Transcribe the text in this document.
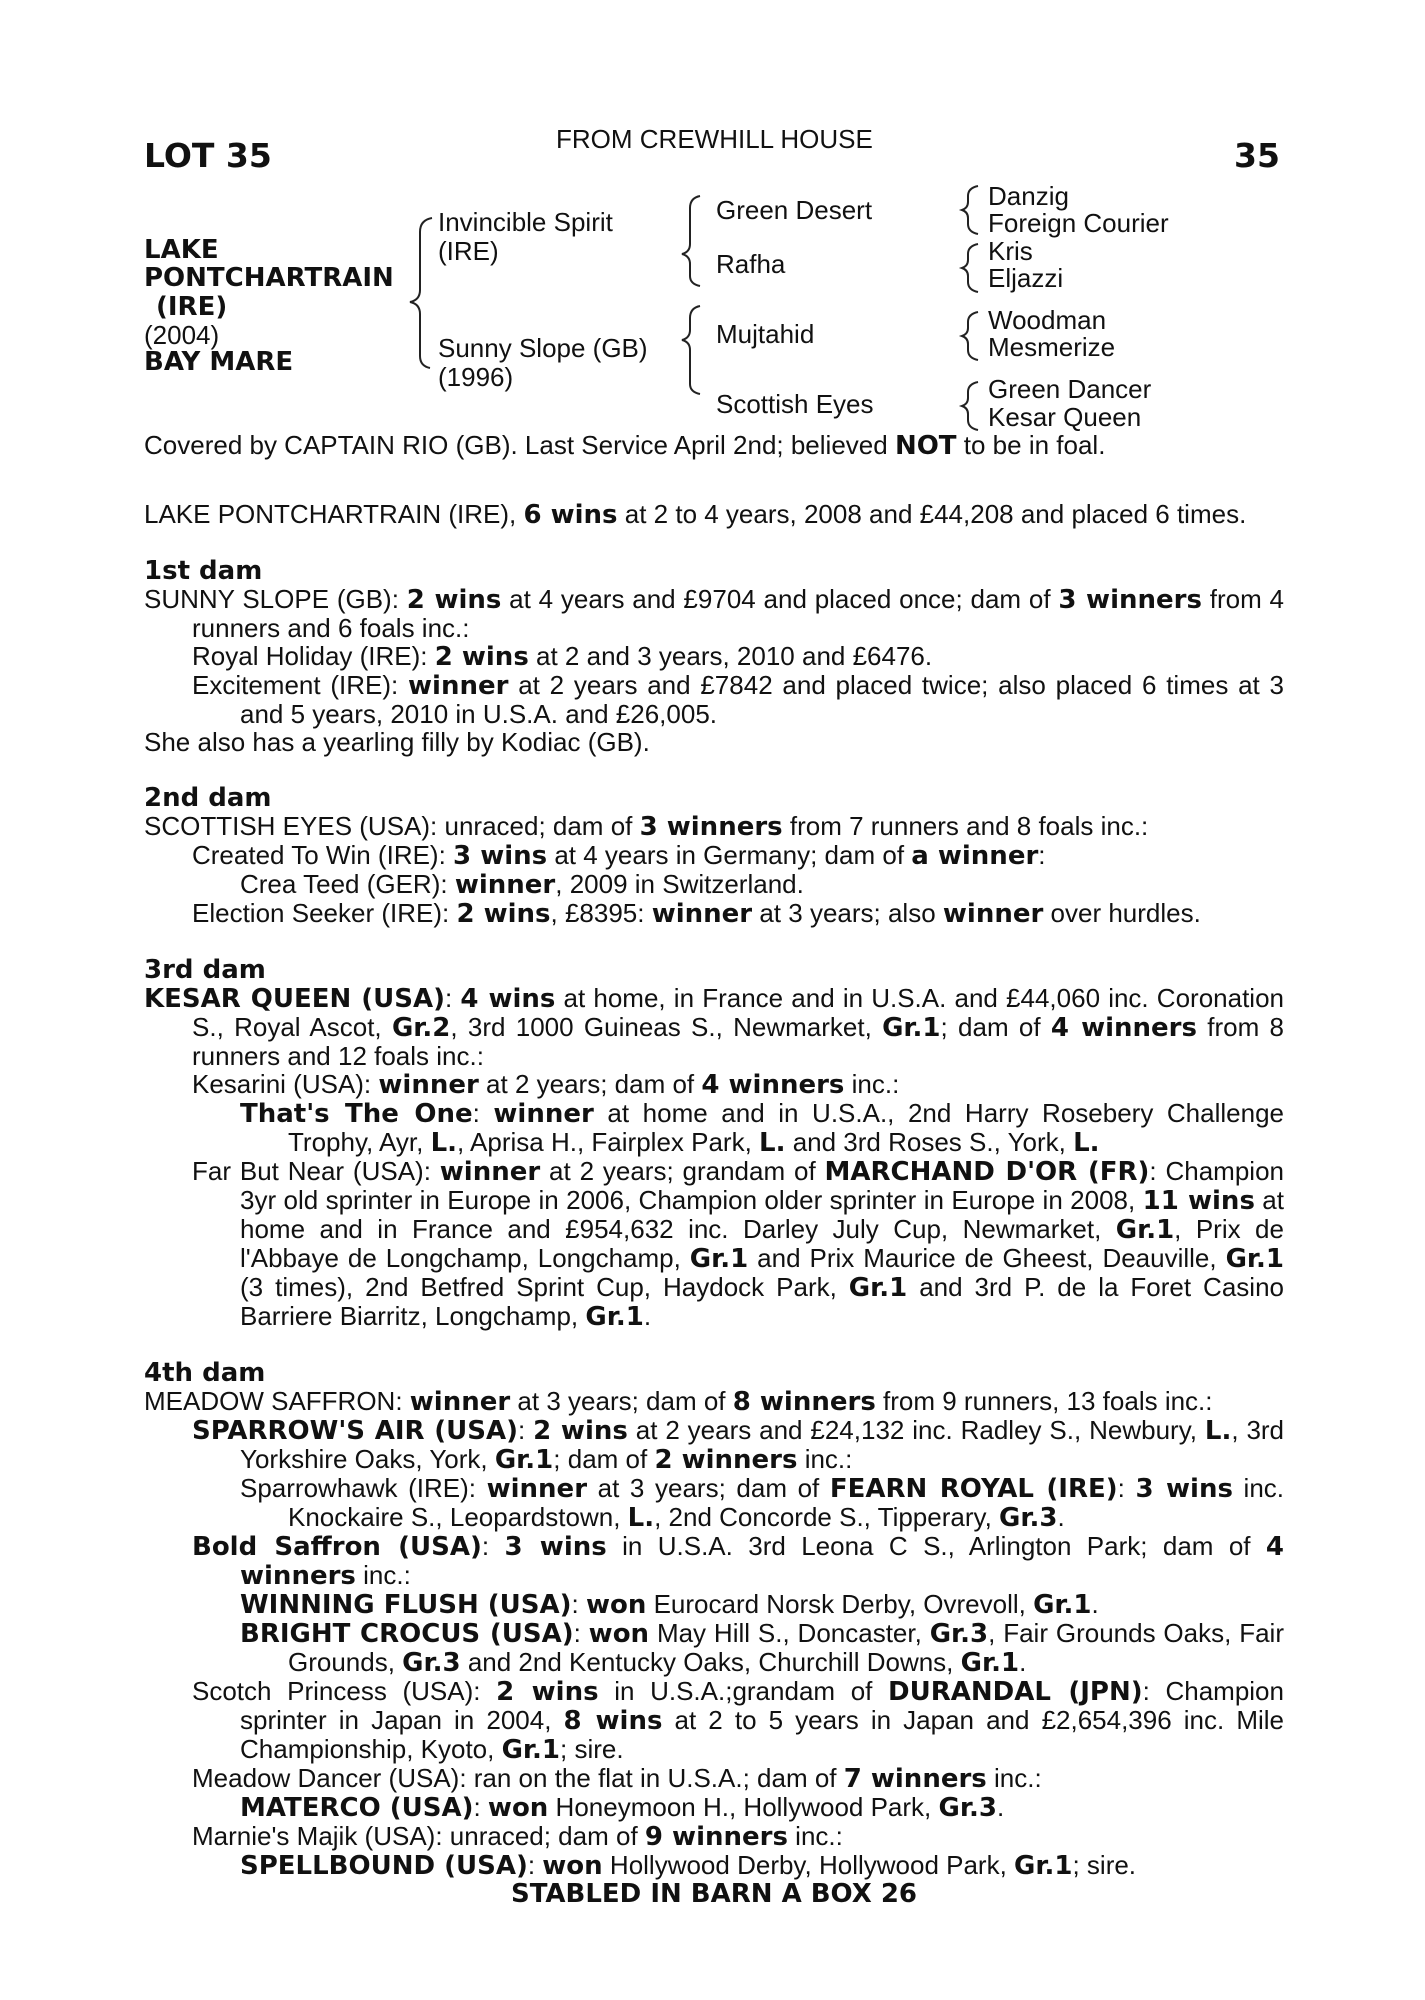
LOT 35	FROM CREWHILL HOUSE	35
LAKE
PONTCHARTRAIN
(IRE)
(2004)
BAY MARE
Invincible Spirit
(IRE)
Sunny Slope (GB)
(1996)
Green Desert
Rafha
Mujtahid
Scottish Eyes
Danzig
Foreign Courier
Kris
Eljazzi
Woodman
Mesmerize
Green Dancer
Kesar Queen
Covered by CAPTAIN RIO (GB). Last Service April 2nd; believed NOT to be in foal.

LAKE PONTCHARTRAIN (IRE), 6 wins at 2 to 4 years, 2008 and £44,208 and placed 6 times.

1st dam

SUNNY SLOPE (GB): 2 wins at 4 years and £9704 and placed once; dam of 3 winners from 4 runners and 6 foals inc.:

Royal Holiday (IRE): 2 wins at 2 and 3 years, 2010 and £6476.

Excitement (IRE): winner at 2 years and £7842 and placed twice; also placed 6 times at 3 and 5 years, 2010 in U.S.A. and £26,005.

She also has a yearling filly by Kodiac (GB).

2nd dam

SCOTTISH EYES (USA): unraced; dam of 3 winners from 7 runners and 8 foals inc.:

Created To Win (IRE): 3 wins at 4 years in Germany; dam of a winner:

Crea Teed (GER): winner, 2009 in Switzerland.

Election Seeker (IRE): 2 wins, £8395: winner at 3 years; also winner over hurdles.

3rd dam

KESAR QUEEN (USA): 4 wins at home, in France and in U.S.A. and £44,060 inc. Coronation S., Royal Ascot, Gr.2, 3rd 1000 Guineas S., Newmarket, Gr.1; dam of 4 winners from 8 runners and 12 foals inc.:

Kesarini (USA): winner at 2 years; dam of 4 winners inc.:

That's The One: winner at home and in U.S.A., 2nd Harry Rosebery Challenge Trophy, Ayr, L., Aprisa H., Fairplex Park, L. and 3rd Roses S., York, L.

Far But Near (USA): winner at 2 years; grandam of MARCHAND D'OR (FR): Champion 3yr old sprinter in Europe in 2006, Champion older sprinter in Europe in 2008, 11 wins at home and in France and £954,632 inc. Darley July Cup, Newmarket, Gr.1, Prix de l'Abbaye de Longchamp, Longchamp, Gr.1 and Prix Maurice de Gheest, Deauville, Gr.1 (3 times), 2nd Betfred Sprint Cup, Haydock Park, Gr.1 and 3rd P. de la Foret Casino Barriere Biarritz, Longchamp, Gr.1.

4th dam

MEADOW SAFFRON: winner at 3 years; dam of 8 winners from 9 runners, 13 foals inc.:

SPARROW'S AIR (USA): 2 wins at 2 years and £24,132 inc. Radley S., Newbury, L., 3rd Yorkshire Oaks, York, Gr.1; dam of 2 winners inc.:

Sparrowhawk (IRE): winner at 3 years; dam of FEARN ROYAL (IRE): 3 wins inc. Knockaire S., Leopardstown, L., 2nd Concorde S., Tipperary, Gr.3.

Bold Saffron (USA): 3 wins in U.S.A. 3rd Leona C S., Arlington Park; dam of 4 winners inc.:

WINNING FLUSH (USA): won Eurocard Norsk Derby, Ovrevoll, Gr.1.

BRIGHT CROCUS (USA): won May Hill S., Doncaster, Gr.3, Fair Grounds Oaks, Fair Grounds, Gr.3 and 2nd Kentucky Oaks, Churchill Downs, Gr.1.

Scotch Princess (USA): 2 wins in U.S.A.;grandam of DURANDAL (JPN): Champion sprinter in Japan in 2004, 8 wins at 2 to 5 years in Japan and £2,654,396 inc. Mile Championship, Kyoto, Gr.1; sire.

Meadow Dancer (USA): ran on the flat in U.S.A.; dam of 7 winners inc.:

MATERCO (USA): won Honeymoon H., Hollywood Park, Gr.3.

Marnie's Majik (USA): unraced; dam of 9 winners inc.:

SPELLBOUND (USA): won Hollywood Derby, Hollywood Park, Gr.1; sire.

STABLED IN BARN A BOX 26
